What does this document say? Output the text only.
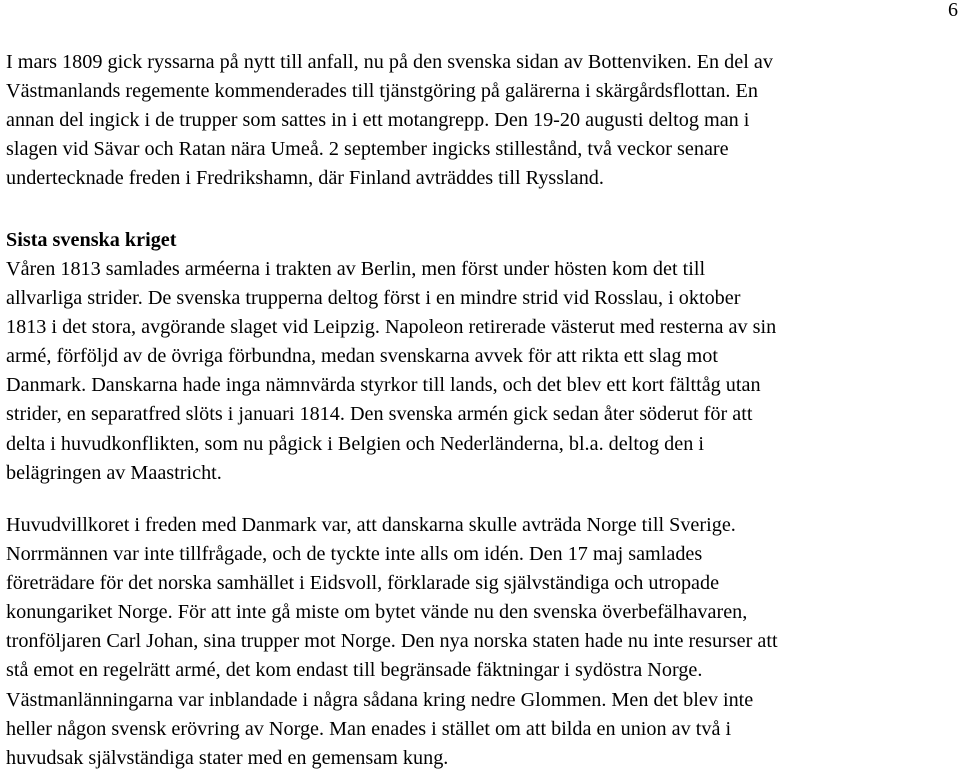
6

I mars 1809 gick ryssarna på nytt till anfall, nu på den svenska sidan av Bottenviken. En del av
Västmanlands regemente kommenderades till tjänstgöring på galärerna i skärgårdsflottan. En
annan del ingick i de trupper som sattes in i ett motangrepp. Den 19-20 augusti deltog man i
slagen vid Sävar och Ratan nära Umeå. 2 september ingicks stillestånd, två veckor senare
undertecknade freden i Fredrikshamn, där Finland avträddes till Ryssland.

Sista svenska kriget

Våren 1813 samlades arméerna i trakten av Berlin, men först under hösten kom det till
allvarliga strider. De svenska trupperna deltog först i en mindre strid vid Rosslau, i oktober
1813 i det stora, avgörande slaget vid Leipzig. Napoleon retirerade västerut med resterna av sin
armé, förföljd av de övriga förbundna, medan svenskarna avvek för att rikta ett slag mot
Danmark. Danskarna hade inga nämnvärda styrkor till lands, och det blev ett kort fälttåg utan
strider, en separatfred slöts i januari 1814. Den svenska armén gick sedan åter söderut för att
delta i huvudkonflikten, som nu pågick i Belgien och Nederländerna, bl.a. deltog den i
belägringen av Maastricht.

Huvudvillkoret i freden med Danmark var, att danskarna skulle avträda Norge till Sverige.
Norrmännen var inte tillfrågade, och de tyckte inte alls om idén. Den 17 maj samlades
företrädare för det norska samhället i Eidsvoll, förklarade sig självständiga och utropade
konungariket Norge. För att inte gå miste om bytet vände nu den svenska överbefälhavaren,
tronföljaren Carl Johan, sina trupper mot Norge. Den nya norska staten hade nu inte resurser att
stå emot en regelrätt armé, det kom endast till begränsade fäktningar i sydöstra Norge.
Västmanlänningarna var inblandade i några sådana kring nedre Glommen. Men det blev inte
heller någon svensk erövring av Norge. Man enades i stället om att bilda en union av två i
huvudsak självständiga stater med en gemensam kung.
